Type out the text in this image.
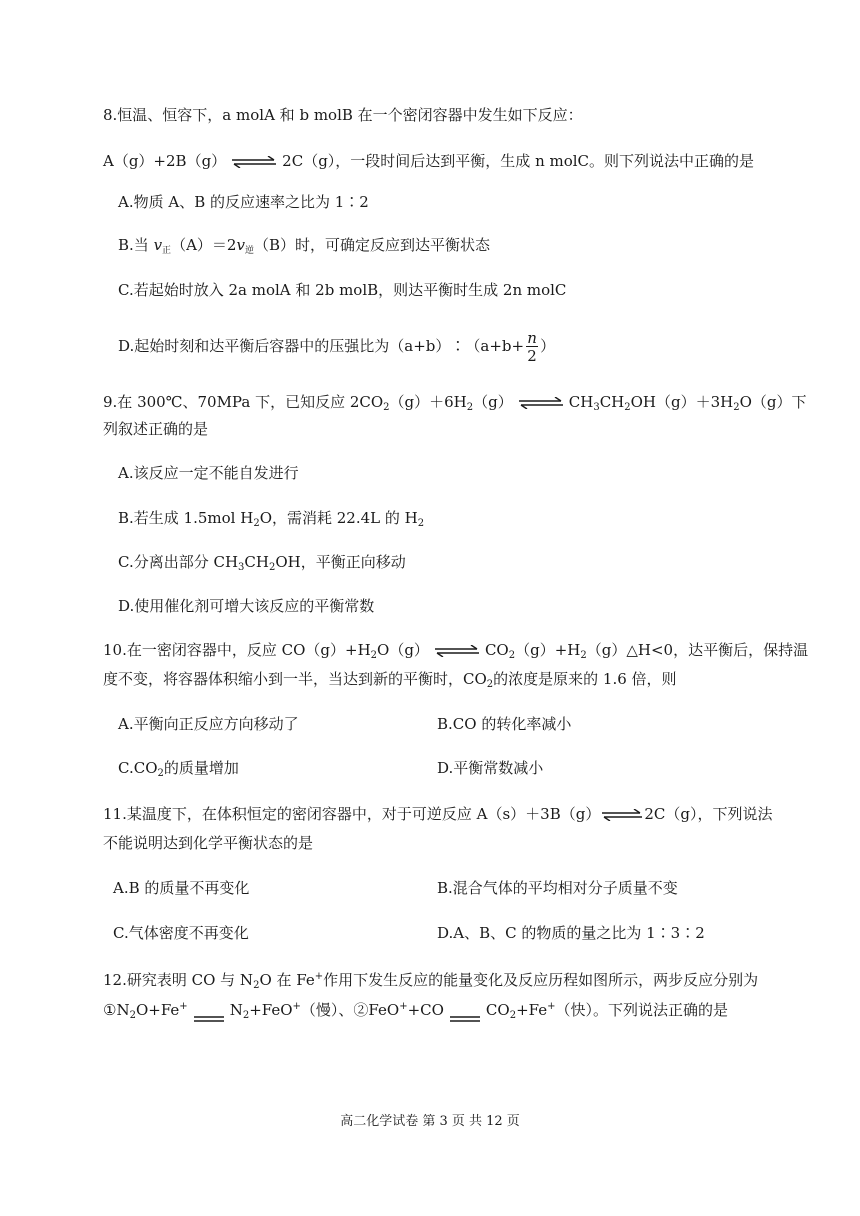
8.恒温、恒容下，a molA 和 b molB 在一个密闭容器中发生如下反应：
A（g）+2B（g） ⇌ 2C（g），一段时间后达到平衡，生成 n molC。则下列说法中正确的是
A.物质 A、B 的反应速率之比为 1∶2
B.当 $v_正(A)=2v_逆(B)$时，可确定反应到达平衡状态
C.若起始时放入 2a molA 和 2b molB，则达平衡时生成 2n molC
D.起始时刻和达平衡后容器中的压强比为（a+b）∶（a+b+ $\frac{n}{2}$ ）
9.在 300℃、70MPa 下，已知反应 $2CO_2(g)+6H_2(g)$ ⇌ $CH_3CH_2OH(g)+3H_2O(g)$下
列叙述正确的是
A.该反应一定不能自发进行
B.若生成 1.5mol $H_2O$，需消耗 22.4L 的 $H_2$
C.分离出部分 $CH_3CH_2OH$，平衡正向移动
D.使用催化剂可增大该反应的平衡常数
10.在一密闭容器中，反应 $CO(g)+H_2O(g)$ ⇌ $CO_2(g)+H_2(g)\triangle H<0$，达平衡后，保持温
度不变，将容器体积缩小到一半，当达到新的平衡时，$CO_2$的浓度是原来的 1.6 倍，则
A.平衡向正反应方向移动了	B.CO 的转化率减小
$C.CO_2$的质量增加	D.平衡常数减小
11.某温度下，在体积恒定的密闭容器中，对于可逆反应 A（s）＋3B（g） ⇌ 2C（g），下列说法
不能说明达到化学平衡状态的是
A.B 的质量不再变化	B.混合气体的平均相对分子质量不变
C.气体密度不再变化	D.A、B、C 的物质的量之比为 1∶3∶2
12.研究表明 CO 与 $N_2O$ 在 Fe+作用下发生反应的能量变化及反应历程如图所示，两步反应分别为
$①N_2O+Fe^+$	$N_2+FeO^+$（慢）、②FeO++CO	$CO_2+Fe^+$（快）。下列说法正确的是
高二化学试卷 第 3 页 共 12 页
